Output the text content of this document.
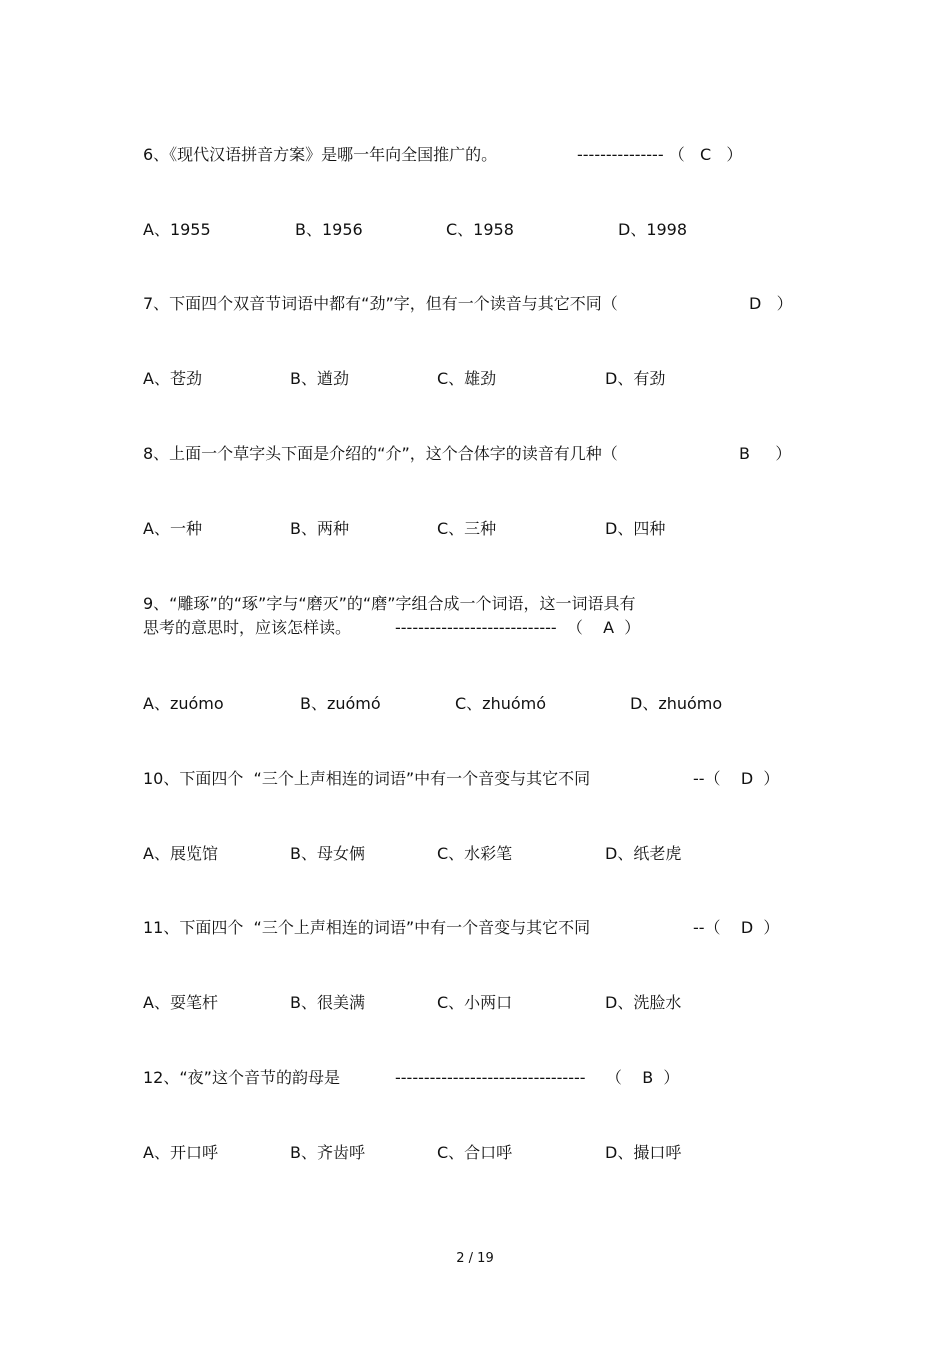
6、《现代汉语拼音方案》是哪一年向全国推广的。	--------------- （   C   ）
A、1955	B、1956	C、1958	D、1998
7、下面四个双音节词语中都有“劲”字，但有一个读音与其它不同（	D   ）
A、苍劲	B、遒劲	C、雄劲	D、有劲
8、上面一个草字头下面是介绍的“介”，这个合体字的读音有几种（	B     ）
A、一种	B、两种	C、三种	D、四种
9、“雕琢”的“琢”字与“磨灭”的“磨”字组合成一个词语，这一词语具有
思考的意思时，应该怎样读。	----------------------------  （    A  ）
A、zuómo	B、zuómó	C、zhuómó	D、zhuómo
10、下面四个  “三个上声相连的词语”中有一个音变与其它不同	--（    D  ）
A、展览馆	B、母女俩	C、水彩笔	D、纸老虎
11、下面四个  “三个上声相连的词语”中有一个音变与其它不同	--（    D  ）
A、耍笔杆	B、很美满	C、小两口	D、洗脸水
12、“夜”这个音节的韵母是	---------------------------------    （    B  ）
A、开口呼	B、齐齿呼	C、合口呼	D、撮口呼
2 / 19
